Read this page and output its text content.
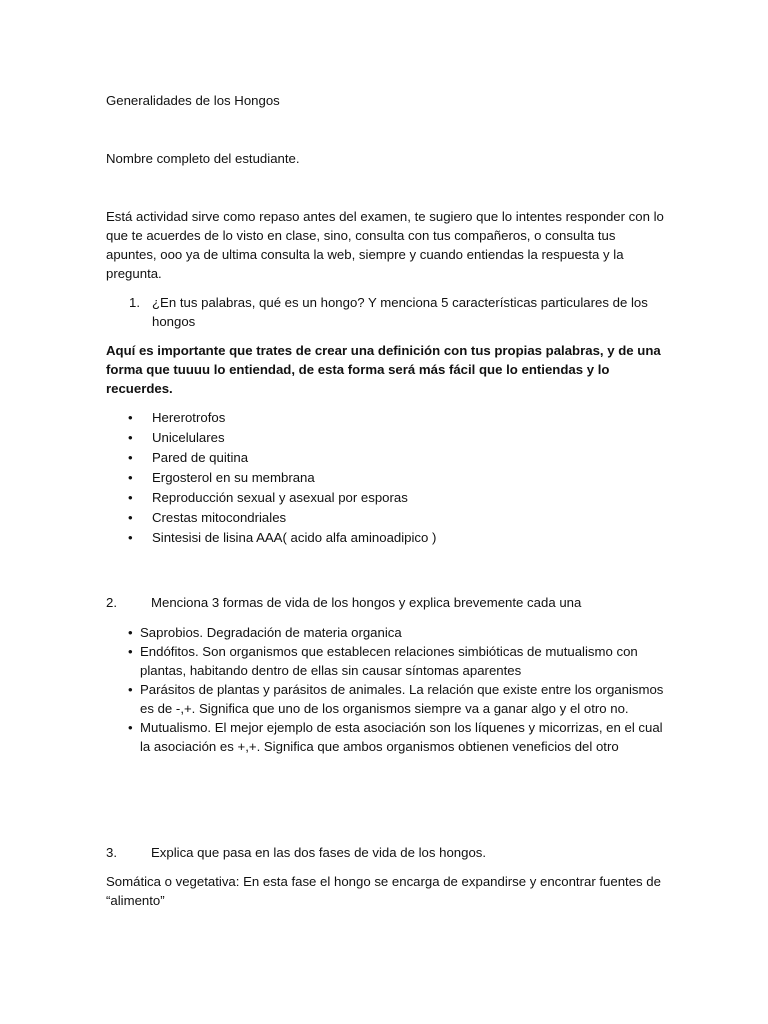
Generalidades de los Hongos

Nombre completo del estudiante.

Está actividad sirve como repaso antes del examen, te sugiero que lo intentes responder con lo que te acuerdes de lo visto en clase, sino, consulta con tus compañeros, o consulta tus apuntes, ooo ya de ultima consulta la web, siempre y cuando entiendas la respuesta y la pregunta.

1. ¿En tus palabras, qué es un hongo? Y menciona 5 características particulares de los hongos

Aquí es importante que trates de crear una definición con tus propias palabras, y de una forma que tuuuu lo entiendad, de esta forma será más fácil que lo entiendas y lo recuerdes.

• Hererotrofos
• Unicelulares
• Pared de quitina
• Ergosterol en su membrana
• Reproducción sexual y asexual por esporas
• Crestas mitocondriales
• Sintesisi de lisina AAA( acido alfa aminoadipico )
2.	Menciona 3 formas de vida de los hongos y explica brevemente cada una
• Saprobios. Degradación de materia organica
• Endófitos. Son organismos que establecen relaciones simbióticas de mutualismo con plantas, habitando dentro de ellas sin causar síntomas aparentes
• Parásitos de plantas y parásitos de animales. La relación que existe entre los organismos es de -,+. Significa que uno de los organismos siempre va a ganar algo y el otro no.
• Mutualismo. El mejor ejemplo de esta asociación son los líquenes y micorrizas, en el cual la asociación es +,+. Significa que ambos organismos obtienen veneficios del otro
3.	Explica que pasa en las dos fases de vida de los hongos.

Somática o vegetativa: En esta fase el hongo se encarga de expandirse y encontrar fuentes de “alimento”
